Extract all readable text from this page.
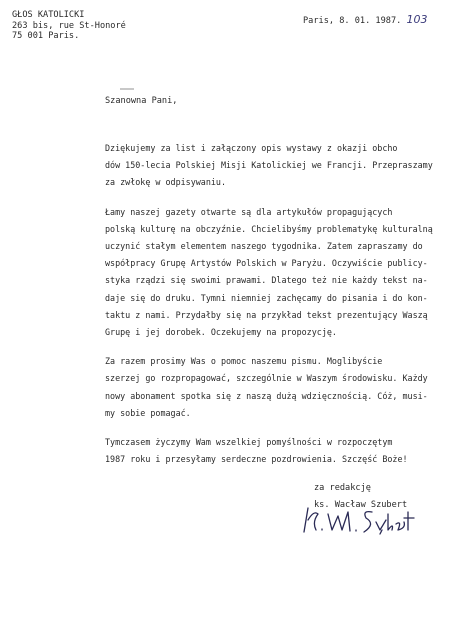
GŁOS KATOLICKI
263 bis, rue St-Honoré
75 001 Paris.
Paris, 8. 01. 1987. 103
Szanowna Pani,

Dziękujemy za list i załączony opis wystawy z okazji obcho
dów 150-lecia Polskiej Misji Katolickiej we Francji. Przepraszamy
za zwłokę w odpisywaniu.

Łamy naszej gazety otwarte są dla artykułów propagujących
polską kulturę na obczyźnie. Chcielibyśmy problematykę kulturalną
uczynić stałym elementem naszego tygodnika. Zatem zapraszamy do
współpracy Grupę Artystów Polskich w Paryżu. Oczywiście publicy-
styka rządzi się swoimi prawami. Dlatego też nie każdy tekst na-
daje się do druku. Tymni niemniej zachęcamy do pisania i do kon-
taktu z nami. Przydałby się na przykład tekst prezentujący Waszą
Grupę i jej dorobek. Oczekujemy na propozycję.

Za razem prosimy Was o pomoc naszemu pismu. Moglibyście
szerzej go rozpropagować, szczególnie w Waszym środowisku. Każdy
nowy abonament spotka się z naszą dużą wdzięcznością. Cóż, musi-
my sobie pomagać.

Tymczasem życzymy Wam wszelkiej pomyślności w rozpoczętym
1987 roku i przesyłamy serdeczne pozdrowienia. Szczęść Boże!

za redakcję
ks. Wacław Szubert
